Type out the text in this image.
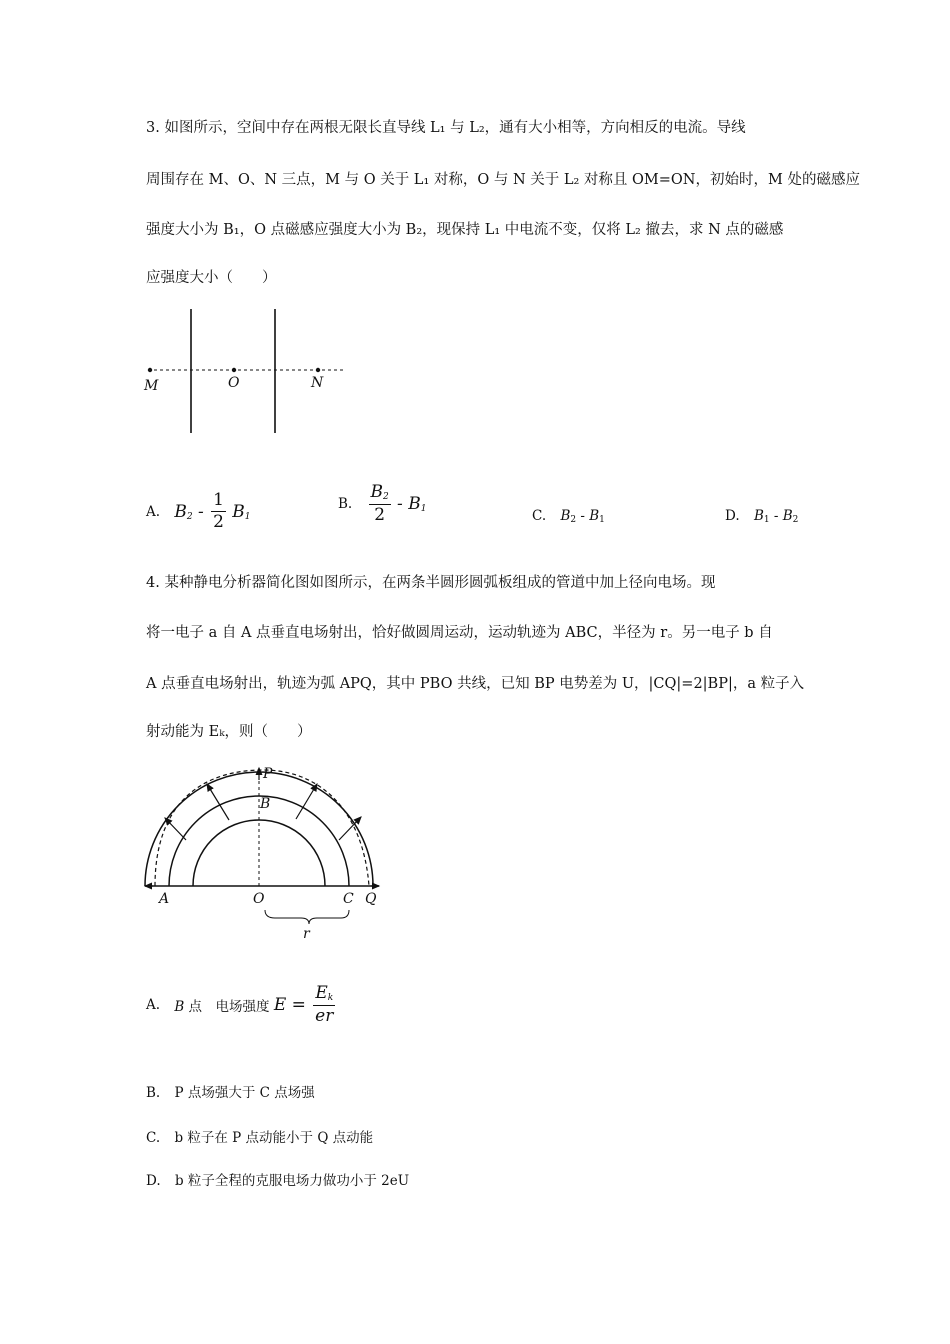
3. 如图所示，空间中存在两根无限长直导线 L₁ 与 L₂，通有大小相等，方向相反的电流。导线
周围存在 M、O、N 三点，M 与 O 关于 L₁ 对称，O 与 N 关于 L₂ 对称且 OM=ON，初始时，M 处的磁感应
强度大小为 B₁，O 点磁感应强度大小为 B₂，现保持 L₁ 中电流不变，仅将 L₂ 撤去，求 N 点的磁感
应强度大小（　　）
M	O	N
A. $B_2 - \frac{1}{2} B_1$
B. $\frac{B_2}{2} - B_1$	C. $B_2 - B_1$	D. $B_1 - B_2$
4. 某种静电分析器简化图如图所示，在两条半圆形圆弧板组成的管道中加上径向电场。现
将一电子 a 自 A 点垂直电场射出，恰好做圆周运动，运动轨迹为 ABC，半径为 r。另一电子 b 自
A 点垂直电场射出，轨迹为弧 APQ，其中 PBO 共线，已知 BP 电势差为 U，|CQ|=2|BP|，a 粒子入
射动能为 Eₖ，则（　　）
P
B
A	O	C Q
r
A. B 点　电场强度 $E = \frac{E_k}{er}$
B. P 点场强大于 C 点场强
C. b 粒子在 P 点动能小于 Q 点动能
D. b 粒子全程的克服电场力做功小于 2eU
